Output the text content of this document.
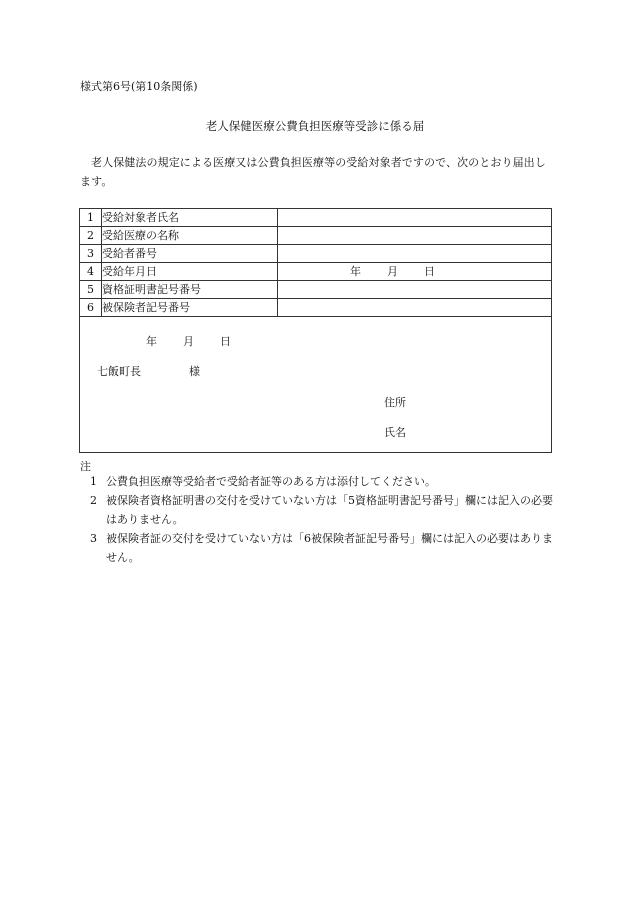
様式第6号(第10条関係)
老人保健医療公費負担医療等受診に係る届
老人保健法の規定による医療又は公費負担医療等の受給対象者ですので、次のとおり届出します。
1	受給対象者氏名	
2	受給医療の名称	
3	受給者番号	
4	受給年月日	年 月 日

5	資格証明書記号番号	
6	被保険者記号番号	
年 月 日
七飯町長	様
住所
氏名
注
1 公費負担医療等受給者で受給者証等のある方は添付してください。
2 被保険者資格証明書の交付を受けていない方は「5資格証明書記号番号」欄には記入の必要はありません。
3 被保険者証の交付を受けていない方は「6被保険者証記号番号」欄には記入の必要はありません。
